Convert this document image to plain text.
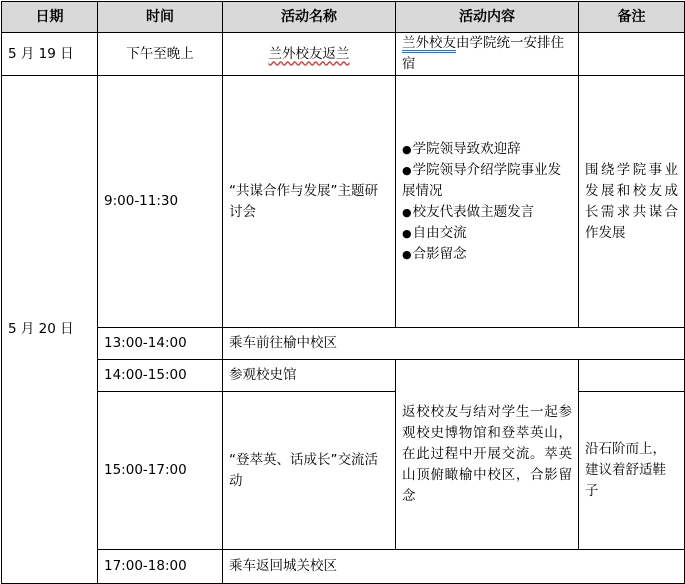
日期	时间	活动名称	活动内容	备注
5 月 19 日	下午至晚上	兰外校友返兰	兰外校友由学院统一安排住宿	
5 月 20 日	9:00-11:30	“共谋合作与发展”主题研讨会	● 学院领导致欢迎辞
● 学院领导介绍学院事业发展情况
● 校友代表做主题发言
● 自由交流
● 合影留念	围绕学院事业发展和校友成长需求共谋合作发展
	13:00-14:00	乘车前往榆中校区		
	14:00-15:00	参观校史馆	返校校友与结对学生一起参观校史博物馆和登萃英山，在此过程中开展交流。萃英山顶俯瞰榆中校区，合影留念	
	15:00-17:00	“登萃英、话成长”交流活动		沿石阶而上，建议着舒适鞋子
	17:00-18:00	乘车返回城关校区		
